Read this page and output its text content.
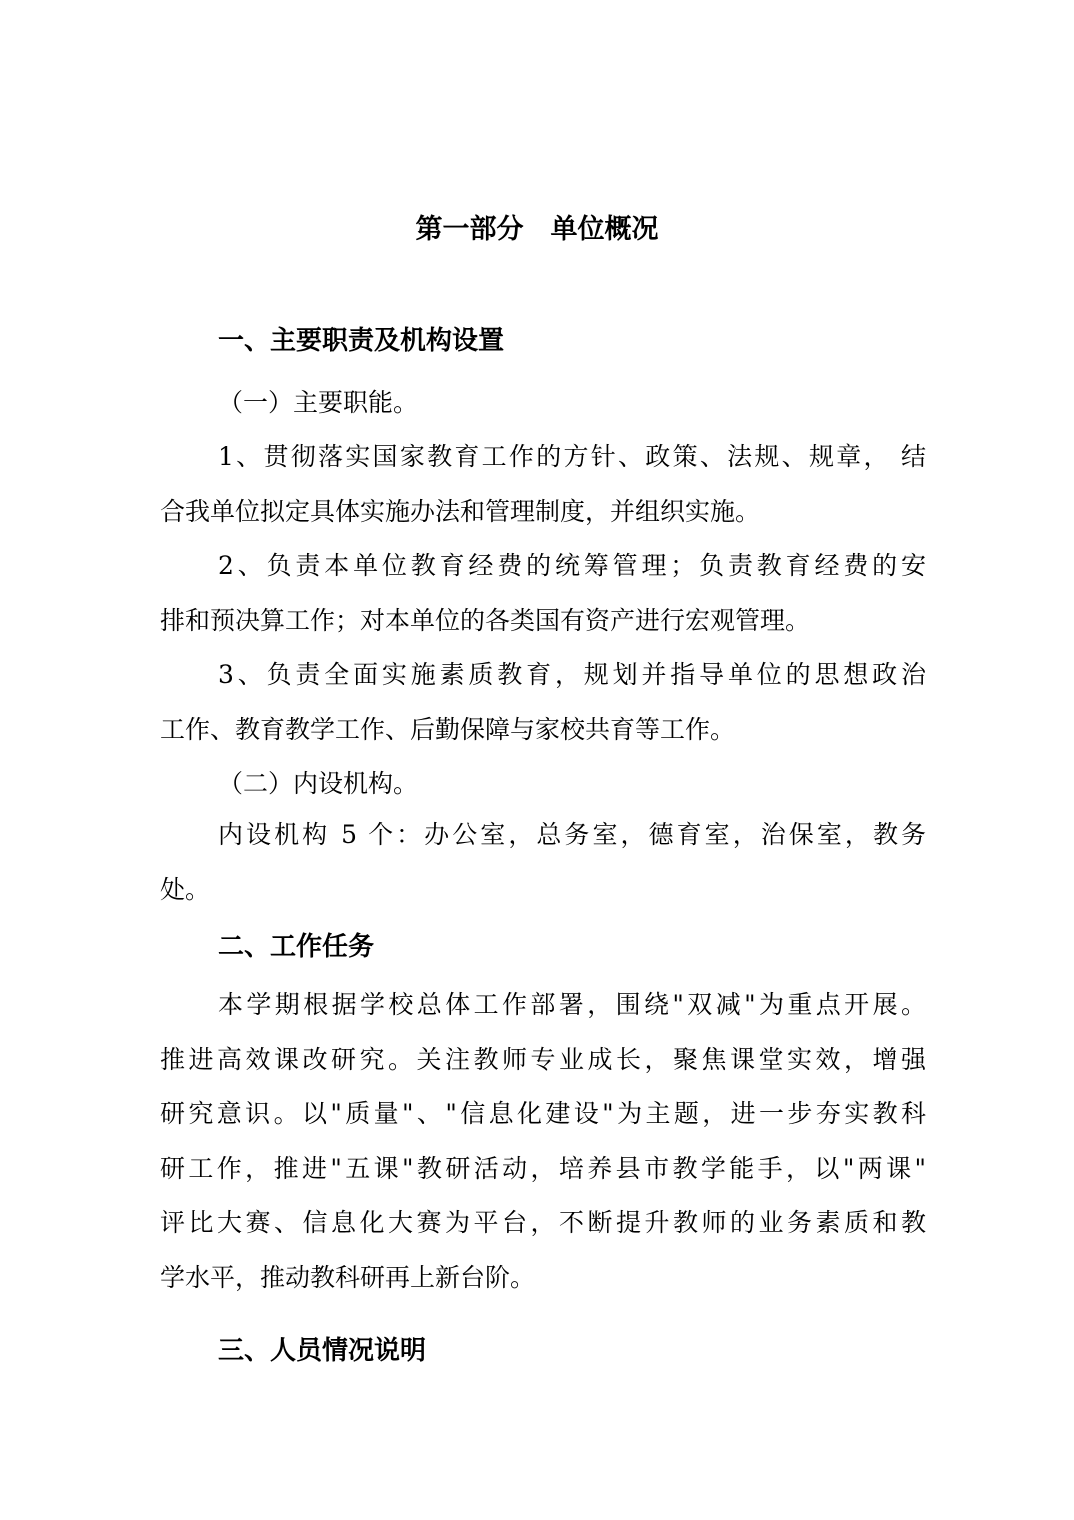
第一部分　单位概况
一、主要职责及机构设置
（一）主要职能。
1、贯彻落实国家教育工作的方针、政策、法规、规章， 结
合我单位拟定具体实施办法和管理制度，并组织实施。
2、负责本单位教育经费的统筹管理；负责教育经费的安
排和预决算工作；对本单位的各类国有资产进行宏观管理。
3、负责全面实施素质教育，规划并指导单位的思想政治
工作、教育教学工作、后勤保障与家校共育等工作。
（二）内设机构。
内设机构 5 个：办公室，总务室，德育室，治保室，教务
处。
二、工作任务
本学期根据学校总体工作部署，围绕"双减"为重点开展。
推进高效课改研究。关注教师专业成长，聚焦课堂实效，增强
研究意识。以"质量"、"信息化建设"为主题，进一步夯实教科
研工作，推进"五课"教研活动，培养县市教学能手，以"两课"
评比大赛、信息化大赛为平台，不断提升教师的业务素质和教
学水平，推动教科研再上新台阶。
三、人员情况说明
